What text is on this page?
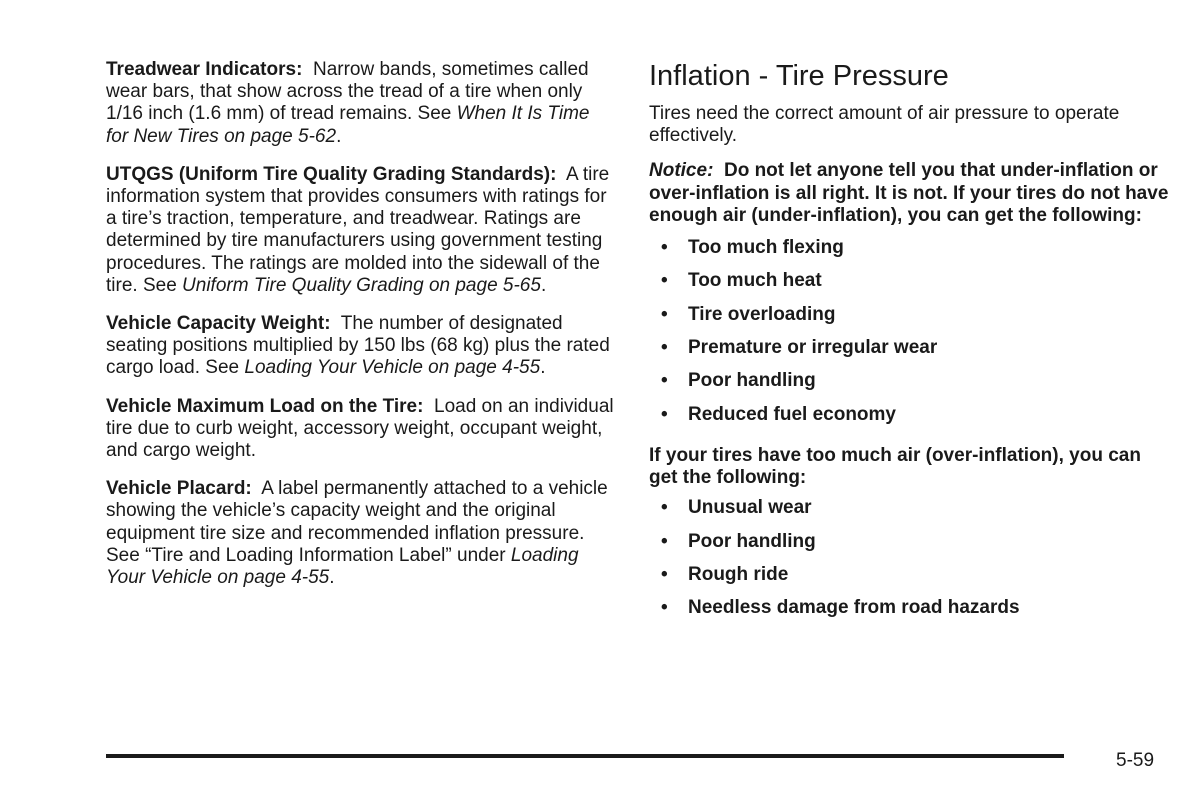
Treadwear Indicators: Narrow bands, sometimes called wear bars, that show across the tread of a tire when only 1/16 inch (1.6 mm) of tread remains. See When It Is Time for New Tires on page 5-62.

UTQGS (Uniform Tire Quality Grading Standards): A tire information system that provides consumers with ratings for a tire’s traction, temperature, and treadwear. Ratings are determined by tire manufacturers using government testing procedures. The ratings are molded into the sidewall of the tire. See Uniform Tire Quality Grading on page 5-65.

Vehicle Capacity Weight: The number of designated seating positions multiplied by 150 lbs (68 kg) plus the rated cargo load. See Loading Your Vehicle on page 4-55.

Vehicle Maximum Load on the Tire: Load on an individual tire due to curb weight, accessory weight, occupant weight, and cargo weight.

Vehicle Placard: A label permanently attached to a vehicle showing the vehicle’s capacity weight and the original equipment tire size and recommended inflation pressure. See “Tire and Loading Information Label” under Loading Your Vehicle on page 4-55.

Inflation - Tire Pressure

Tires need the correct amount of air pressure to operate effectively.

Notice: Do not let anyone tell you that under-inflation or over-inflation is all right. It is not. If your tires do not have enough air (under-inflation), you can get the following:

• Too much flexing
• Too much heat
• Tire overloading
• Premature or irregular wear
• Poor handling
• Reduced fuel economy

If your tires have too much air (over-inflation), you can get the following:

• Unusual wear
• Poor handling
• Rough ride
• Needless damage from road hazards
5-59
